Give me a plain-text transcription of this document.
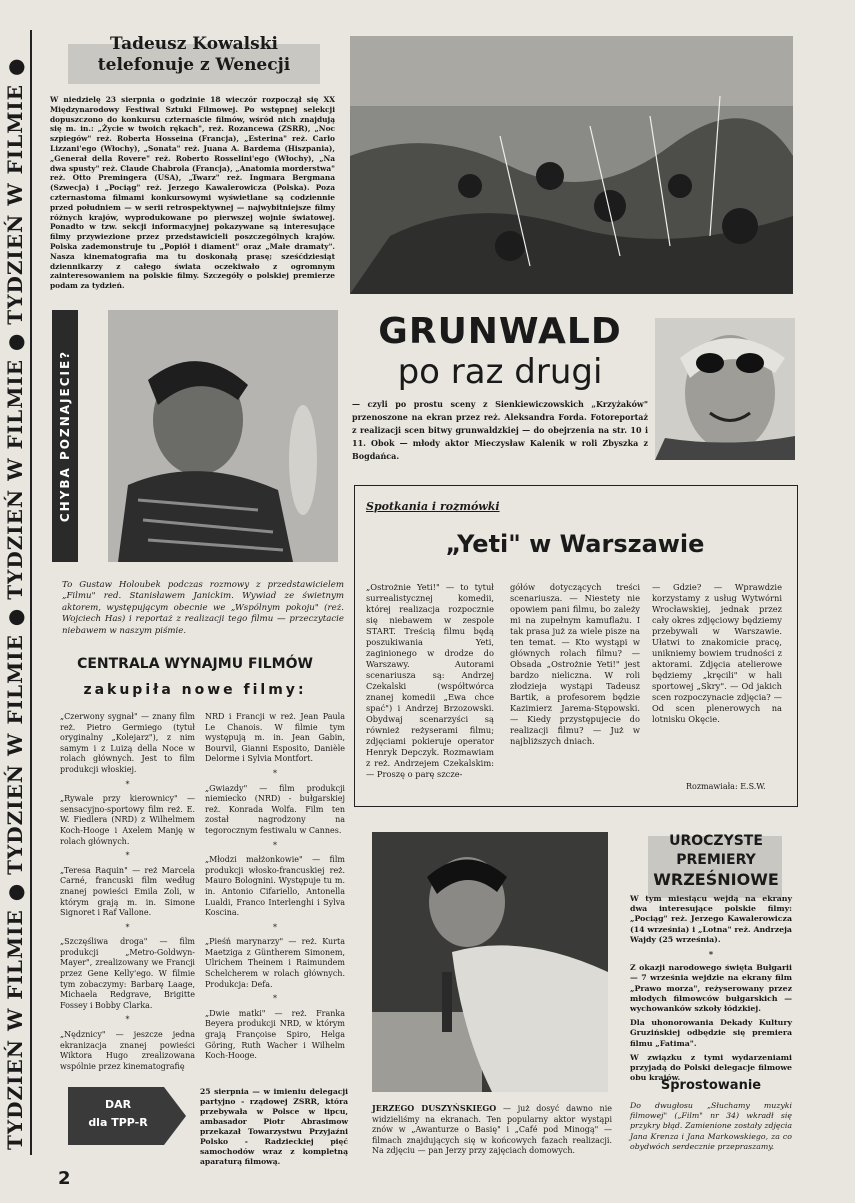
TYDZIEŃ W FILMIE ● TYDZIEŃ W FILMIE ● TYDZIEŃ W FILMIE ● TYDZIEŃ W FILMIE ●
Tadeusz Kowalski
telefonuje z Wenecji
W niedzielę 23 sierpnia o godzinie 18 wieczór rozpoczął się XX Międzynarodowy Festiwal Sztuki Filmowej. Po wstępnej selekcji dopuszczono do konkursu czternaście filmów, wśród nich znajdują się m. in.: „Życie w twoich rękach", reż. Rozancewa (ZSRR), „Noc szpiegów" reż. Roberta Hosseina (Francja), „Esterina" reż. Carlo Lizzani'ego (Włochy), „Sonata" reż. Juana A. Bardema (Hiszpania), „Generał della Rovere" reż. Roberto Rosselini'ego (Włochy), „Na dwa spusty" reż. Claude Chabrola (Francja), „Anatomia morderstwa" reż. Otto Premingera (USA), „Twarz" reż. Ingmara Bergmana (Szwecja) i „Pociąg" reż. Jerzego Kawalerowicza (Polska). Poza czternastoma filmami konkursowymi wyświetlane są codziennie przed południem — w serii retrospektywnej — najwybitniejsze filmy różnych krajów, wyprodukowane po pierwszej wojnie światowej. Ponadto w tzw. sekcji informacyjnej pokazywane są interesujące filmy przywiezione przez przedstawicieli poszczególnych krajów. Polska zademonstruje tu „Popiół i diament" oraz „Małe dramaty". Nasza kinematografia ma tu doskonałą prasę; sześćdziesiąt dziennikarzy z całego świata oczekiwało z ogromnym zainteresowaniem na polskie filmy. Szczegóły o polskiej premierze podam za tydzień.
CHYBA POZNAJECIE?
To Gustaw Holoubek podczas rozmowy z przedstawicielem „Filmu" red. Stanisławem Janickim. Wywiad ze świetnym aktorem, występującym obecnie we „Wspólnym pokoju" (reż. Wojciech Has) i reportaż z realizacji tego filmu — przeczytacie niebawem w naszym piśmie.
GRUNWALD
po raz drugi
— czyli po prostu sceny z Sienkiewiczowskich „Krzyżaków" przenoszone na ekran przez reż. Aleksandra Forda. Fotoreportaż z realizacji scen bitwy grunwaldzkiej — do obejrzenia na str. 10 i 11. Obok — młody aktor Mieczysław Kalenik w roli Zbyszka z Bogdańca.
Spotkania i rozmówki
„Yeti" w Warszawie
„Ostrożnie Yeti!" — to tytuł surrealistycznej komedii, której realizacja rozpocznie się niebawem w zespole START. Treścią filmu będą poszukiwania Yeti, zaginionego w drodze do Warszawy. Autorami scenariusza są: Andrzej Czekalski (współtwórca znanej komedii „Ewa chce spać") i Andrzej Brzozowski. Obydwaj scenarzyści są również reżyserami filmu; zdjęciami pokieruje operator Henryk Depczyk. Rozmawiam z reż. Andrzejem Czekalskim: — Proszę o parę szcze-
gółów dotyczących treści scenariusza. — Niestety nie opowiem pani filmu, bo zależy mi na zupełnym kamuflażu. I tak prasa już za wiele pisze na ten temat. — Kto wystąpi w głównych rolach filmu? — Obsada „Ostrożnie Yeti!" jest bardzo nieliczna. W roli złodzieja wystąpi Tadeusz Bartik, a profesorem będzie Kazimierz Jarema-Stępowski. — Kiedy przystępujecie do realizacji filmu? — Już w najbliższych dniach.
— Gdzie? — Wprawdzie korzystamy z usług Wytwórni Wrocławskiej, jednak przez cały okres zdjęciowy będziemy przebywali w Warszawie. Ułatwi to znakomicie pracę, unikniemy bowiem trudności z aktorami. Zdjęcia atelierowe będziemy „kręcili" w hali sportowej „Skry". — Od jakich scen rozpoczynacie zdjęcia? — Od scen plenerowych na lotnisku Okęcie.
Rozmawiała: E.S.W.
CENTRALA WYNAJMU FILMÓW
zakupiła nowe filmy:

„Czerwony sygnał" — znany film reż. Pietro Germiego (tytuł oryginalny „Kolejarz"), z nim samym i z Luizą della Noce w rolach głównych. Jest to film produkcji włoskiej.

*

„Rywale przy kierownicy" — sensacyjno-sportowy film reż. E. W. Fiedlera (NRD) z Wilhelmem Koch-Hooge i Axelem Manję w rolach głównych.

*

„Teresa Raquin" — reż Marcela Carné, francuski film według znanej powieści Emila Zoli, w którym grają m. in. Simone Signoret i Raf Vallone.

*

„Szczęśliwa droga" — film produkcji „Metro-Goldwyn-Mayer", zrealizowany we Francji przez Gene Kelly'ego. W filmie tym zobaczymy: Barbarę Laage, Michaela Redgrave, Brigitte Fossey i Bobby Clarka.

*

„Nędznicy" — jeszcze jedna ekranizacja znanej powieści Wiktora Hugo zrealizowana wspólnie przez kinematografię

NRD i Francji w reż. Jean Paula Le Chanois. W filmie tym występują m. in. Jean Gabin, Bourvil, Gianni Esposito, Danièle Delorme i Sylvia Montfort.

*

„Gwiazdy" — film produkcji niemiecko (NRD) - bułgarskiej reż. Konrada Wolfa. Film ten został nagrodzony na tegorocznym festiwalu w Cannes.

*

„Młodzi małżonkowie" — film produkcji włosko-francuskiej reż. Mauro Bolognini. Występuje tu m. in. Antonio Cifariello, Antonella Lualdi, Franco Interlenghi i Sylva Koscina.

*

„Pieśń marynarzy" — reż. Kurta Maetziga z Güntherem Simonem, Ulrichem Theinem i Raimundem Schelcherem w rolach głównych. Produkcja: Defa.

*

„Dwie matki" — reż. Franka Beyera produkcji NRD, w którym grają Françoise Spiro, Helga Göring, Ruth Wacher i Wilhelm Koch-Hooge.

DAR
dla TPP-R
25 sierpnia — w imieniu delegacji partyjno - rządowej ZSRR, która przebywała w Polsce w lipcu, ambasador Piotr Abrasimow przekazał Towarzystwu Przyjaźni Polsko - Radzieckiej pięć samochodów wraz z kompletną aparaturą filmową.
JERZEGO DUSZYŃSKIEGO — już dosyć dawno nie widzieliśmy na ekranach. Ten popularny aktor wystąpi znów w „Awanturze o Basię" i „Café pod Minogą" — filmach znajdujących się w końcowych fazach realizacji. Na zdjęciu — pan Jerzy przy zajęciach domowych.
UROCZYSTE
PREMIERY
WRZEŚNIOWE

W tym miesiącu wejdą na ekrany dwa interesujące polskie filmy: „Pociąg" reż. Jerzego Kawalerowicza (14 września) i „Lotna" reż. Andrzeja Wajdy (25 września).

*

Z okazji narodowego święta Bułgarii — 7 września wejdzie na ekrany film „Prawo morza", reżyserowany przez młodych filmowców bułgarskich — wychowanków szkoły łódzkiej.

Dla uhonorowania Dekady Kultury Gruzińskiej odbędzie się premiera filmu „Fatima".

W związku z tymi wydarzeniami przyjadą do Polski delegacje filmowe obu krajów.

Sprostowanie
Do dwugłosu „Słuchamy muzyki filmowej" („Film" nr 34) wkradł się przykry błąd. Zamienione zostały zdjęcia Jana Krenza i Jana Markowskiego, za co obydwóch serdecznie przepraszamy.
2
